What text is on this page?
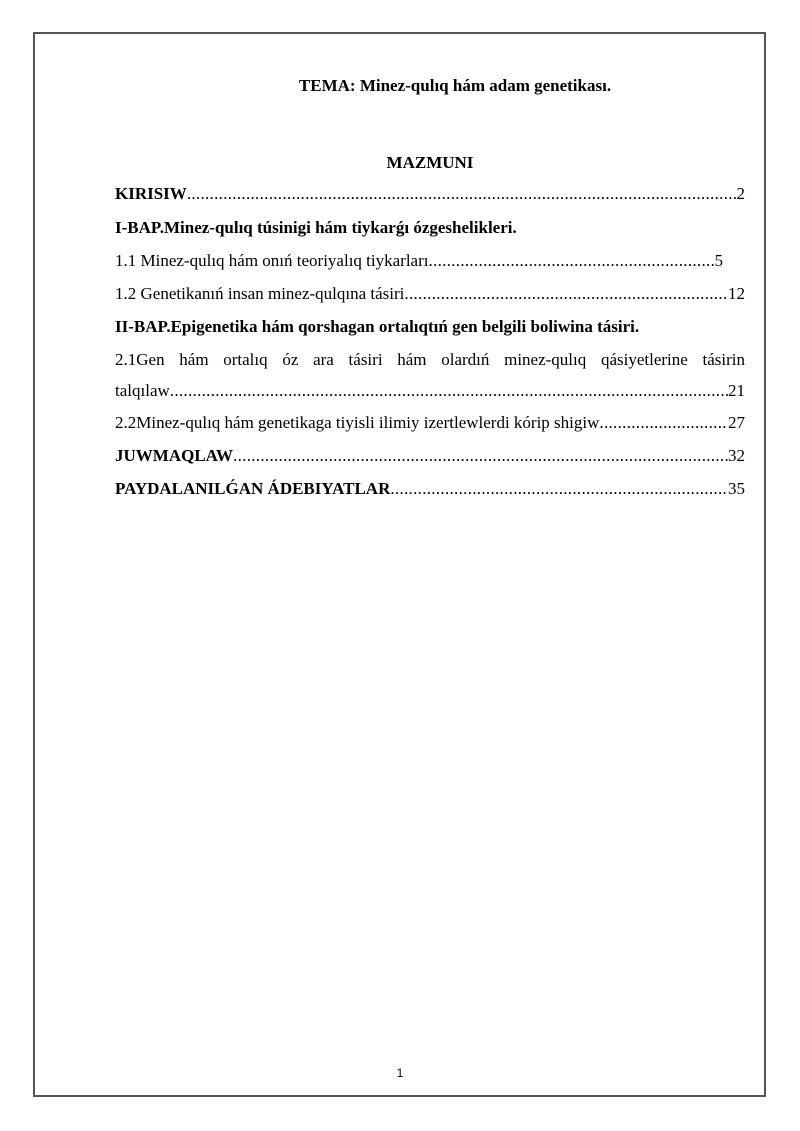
TEMA: Minez-qulıq hám adam genetikası.
MAZMUNI
KIRISIW .....	2
I-BAP.Minez-qulıq túsinigi hám tiykarǵı ózgeshelikleri.
1.1 Minez-qulıq hám onıń teoriyalıq tiykarları .....	5
1.2 Genetikanıń insan minez-qulqına tásiri .....	12
II-BAP.Epigenetika hám qorshagan ortalıqtıń gen belgili boliwina tásiri.
2.1Gen hám ortalıq óz ara tásiri hám olardıń minez-qulıq qásiyetlerine tásirin
talqılaw .....	21
2.2Minez-qulıq hám genetikaga tiyisli ilimiy izertlewlerdi kórip shigiw .....	27
JUWMAQLAW .....	32
PAYDALANILǴAN ÁDEBIYATLAR .....	35
1
